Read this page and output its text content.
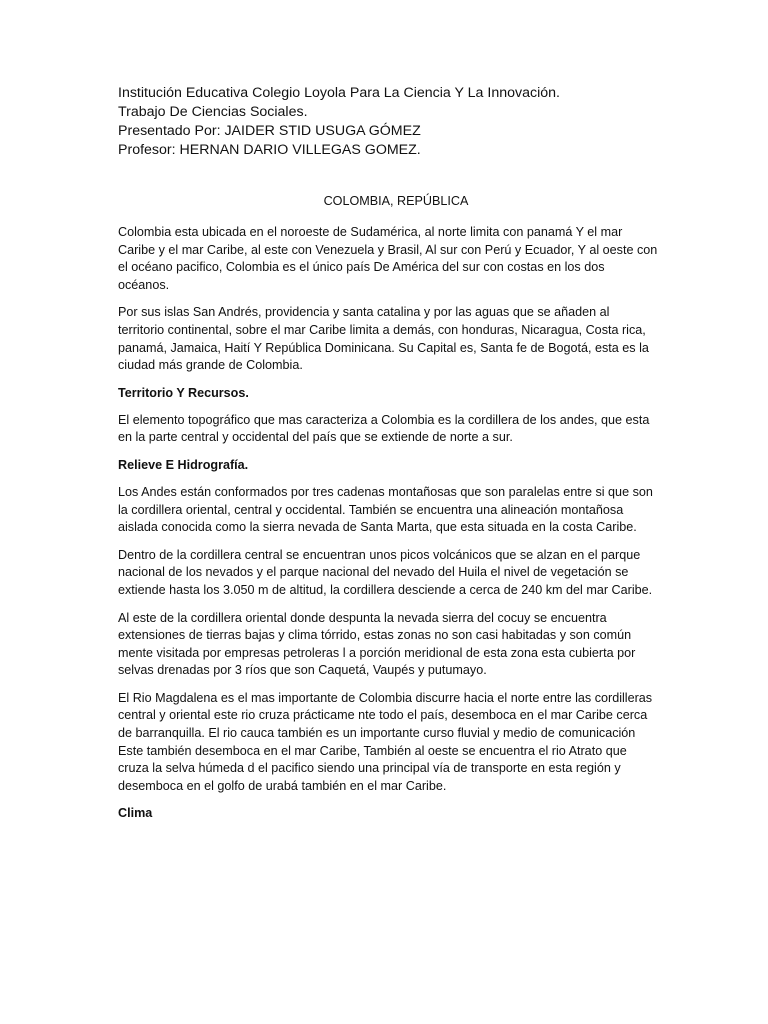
Institución Educativa Colegio Loyola Para La Ciencia Y La Innovación.

Trabajo De Ciencias Sociales.

Presentado Por: JAIDER STID USUGA GÓMEZ

Profesor: HERNAN DARIO VILLEGAS GOMEZ.

COLOMBIA, REPÚBLICA

Colombia esta ubicada en el noroeste de Sudamérica, al norte limita con panamá Y el mar Caribe y el mar Caribe, al este con Venezuela y Brasil, Al sur con Perú y Ecuador, Y al oeste con el océano pacifico, Colombia es el único país De América del sur con costas en los dos océanos.

Por sus islas San Andrés, providencia y santa catalina y por las aguas que se añaden al territorio continental, sobre el mar Caribe limita a demás, con honduras, Nicaragua, Costa rica, panamá, Jamaica, Haití Y República Dominicana. Su Capital es, Santa fe de Bogotá, esta es la ciudad más grande de Colombia.

Territorio Y Recursos.

El elemento topográfico que mas caracteriza a Colombia es la cordillera de los andes, que esta en la parte central y occidental del país que se extiende de norte a sur.

Relieve E Hidrografía.

Los Andes están conformados por tres cadenas montañosas que son paralelas entre si que son la cordillera oriental, central y occidental. También se encuentra una alineación montañosa aislada conocida como la sierra nevada de Santa Marta, que esta situada en la costa Caribe.

Dentro de la cordillera central se encuentran unos picos volcánicos que se alzan en el parque nacional de los nevados y el parque nacional del nevado del Huila el nivel de vegetación se extiende hasta los 3.050 m de altitud, la cordillera desciende a cerca de 240 km del mar Caribe.

Al este de la cordillera oriental donde despunta la nevada sierra del cocuy se encuentra extensiones de tierras bajas y clima tórrido, estas zonas no son casi habitadas y son común mente visitada por empresas petroleras l a porción meridional de esta zona esta cubierta por selvas drenadas por 3 ríos que son Caquetá, Vaupés y putumayo.

El Rio Magdalena es el mas importante de Colombia discurre hacia el norte entre las cordilleras central y oriental este rio cruza prácticame nte todo el país, desemboca en el mar Caribe cerca de barranquilla. El rio cauca también es un importante curso fluvial y medio de comunicación Este también desemboca en el mar Caribe, También al oeste se encuentra el rio Atrato que cruza la selva húmeda d el pacifico siendo una principal vía de transporte en esta región y desemboca en el golfo de urabá también en el mar Caribe.

Clima
